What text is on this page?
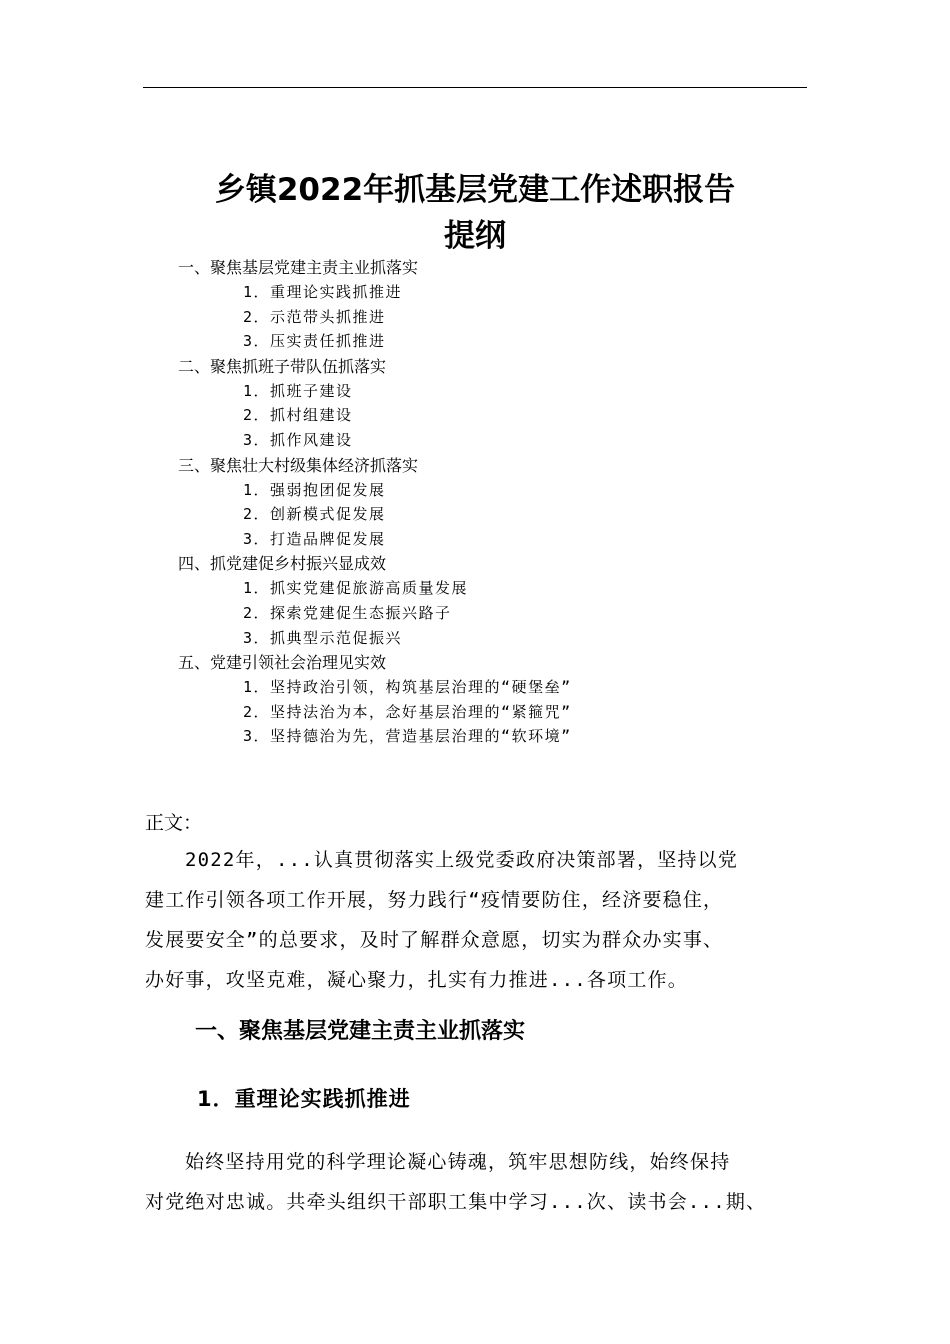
乡镇2022年抓基层党建工作述职报告
提纲
一、聚焦基层党建主责主业抓落实
1．重理论实践抓推进
2．示范带头抓推进
3．压实责任抓推进
二、聚焦抓班子带队伍抓落实
1．抓班子建设
2．抓村组建设
3．抓作风建设
三、聚焦壮大村级集体经济抓落实
1．强弱抱团促发展
2．创新模式促发展
3．打造品牌促发展
四、抓党建促乡村振兴显成效
1．抓实党建促旅游高质量发展
2．探索党建促生态振兴路子
3．抓典型示范促振兴
五、党建引领社会治理见实效
1．坚持政治引领，构筑基层治理的“硬堡垒”
2．坚持法治为本，念好基层治理的“紧箍咒”
3．坚持德治为先，营造基层治理的“软环境”
正文：
2022年，...认真贯彻落实上级党委政府决策部署，坚持以党
建工作引领各项工作开展，努力践行“疫情要防住，经济要稳住，
发展要安全”的总要求，及时了解群众意愿，切实为群众办实事、
办好事，攻坚克难，凝心聚力，扎实有力推进...各项工作。
一、聚焦基层党建主责主业抓落实
1．重理论实践抓推进
始终坚持用党的科学理论凝心铸魂，筑牢思想防线，始终保持
对党绝对忠诚。共牵头组织干部职工集中学习...次、读书会...期、
